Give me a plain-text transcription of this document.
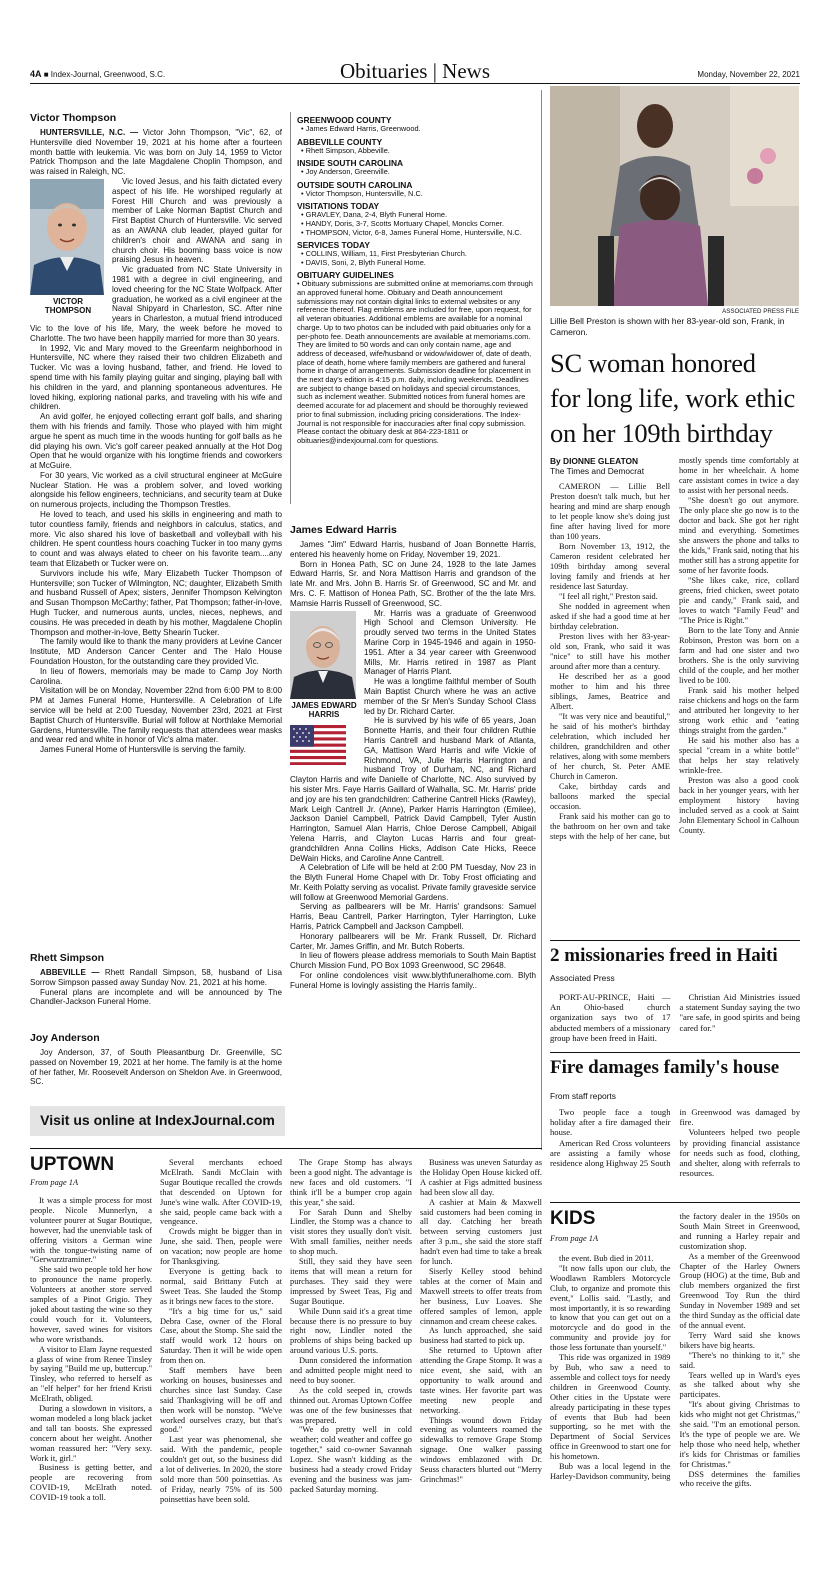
4A ■ Index-Journal, Greenwood, S.C.	Obituaries | News	Monday, November 22, 2021
Victor Thompson

HUNTERSVILLE, N.C. — Victor John Thompson, "Vic", 62, of Huntersville died November 19, 2021 at his home after a fourteen month battle with leukemia. Vic was born on July 14, 1959 to Victor Patrick Thompson and the late Magdalene Choplin Thompson, and was raised in Raleigh, NC.

VICTOR
THOMPSON

Vic loved Jesus, and his faith dictated every aspect of his life. He worshiped regularly at Forest Hill Church and was previously a member of Lake Norman Baptist Church and First Baptist Church of Huntersville. Vic served as an AWANA club leader, played guitar for children's choir and AWANA and sang in church choir. His booming bass voice is now praising Jesus in heaven.

Vic graduated from NC State University in 1981 with a degree in civil engineering, and loved cheering for the NC State Wolfpack. After graduation, he worked as a civil engineer at the Naval Shipyard in Charleston, SC. After nine years in Charleston, a mutual friend introduced Vic to the love of his life, Mary, the week before he moved to Charlotte. The two have been happily married for more than 30 years.

In 1992, Vic and Mary moved to the Greenfarm neighborhood in Huntersville, NC where they raised their two children Elizabeth and Tucker. Vic was a loving husband, father, and friend. He loved to spend time with his family playing guitar and singing, playing ball with his children in the yard, and planning spontaneous adventures. He loved hiking, exploring national parks, and traveling with his wife and children.

An avid golfer, he enjoyed collecting errant golf balls, and sharing them with his friends and family. Those who played with him might argue he spent as much time in the woods hunting for golf balls as he did playing his own. Vic's golf career peaked annually at the Hot Dog Open that he would organize with his longtime friends and coworkers at McGuire.

For 30 years, Vic worked as a civil structural engineer at McGuire Nuclear Station. He was a problem solver, and loved working alongside his fellow engineers, technicians, and security team at Duke on numerous projects, including the Thompson Trestles.

He loved to teach, and used his skills in engineering and math to tutor countless family, friends and neighbors in calculus, statics, and more. Vic also shared his love of basketball and volleyball with his children. He spent countless hours coaching Tucker in too many gyms to count and was always elated to cheer on his favorite team....any team that Elizabeth or Tucker were on.

Survivors include his wife, Mary Elizabeth Tucker Thompson of Huntersville; son Tucker of Wilmington, NC; daughter, Elizabeth Smith and husband Russell of Apex; sisters, Jennifer Thompson Kelvington and Susan Thompson McCarthy; father, Pat Thompson; father-in-love, Hugh Tucker, and numerous aunts, uncles, nieces, nephews, and cousins. He was preceded in death by his mother, Magdalene Choplin Thompson and mother-in-love, Betty Shearin Tucker.

The family would like to thank the many providers at Levine Cancer Institute, MD Anderson Cancer Center and The Halo House Foundation Houston, for the outstanding care they provided Vic.

In lieu of flowers, memorials may be made to Camp Joy North Carolina.

Visitation will be on Monday, November 22nd from 6:00 PM to 8:00 PM at James Funeral Home, Huntersville. A Celebration of Life service will be held at 2:00 Tuesday, November 23rd, 2021 at First Baptist Church of Huntersville. Burial will follow at Northlake Memorial Gardens, Huntersville. The family requests that attendees wear masks and wear red and white in honor of Vic's alma mater.

James Funeral Home of Huntersville is serving the family.

Rhett Simpson

ABBEVILLE — Rhett Randall Simpson, 58, husband of Lisa Sorrow Simpson passed away Sunday Nov. 21, 2021 at his home.

Funeral plans are incomplete and will be announced by The Chandler-Jackson Funeral Home.

Joy Anderson

Joy Anderson, 37, of South Pleasantburg Dr. Greenville, SC passed on November 19, 2021 at her home. The family is at the home of her father, Mr. Roosevelt Anderson on Sheldon Ave. in Greenwood, SC.

Visit us online at IndexJournal.com
GREENWOOD COUNTY
• James Edward Harris, Greenwood.
ABBEVILLE COUNTY
• Rhett Simpson, Abbeville.
INSIDE SOUTH CAROLINA
• Joy Anderson, Greenville.
OUTSIDE SOUTH CAROLINA
• Victor Thompson, Huntersville, N.C.
VISITATIONS TODAY
• GRAVLEY, Dana, 2-4, Blyth Funeral Home.
• HANDY, Doris, 3-7, Scotts Mortuary Chapel, Moncks Corner.
• THOMPSON, Victor, 6-8, James Funeral Home, Huntersville, N.C.
SERVICES TODAY
• COLLINS, William, 11, First Presbyterian Church.
• DAVIS, Soni, 2, Blyth Funeral Home.
OBITUARY GUIDELINES
• Obituary submissions are submitted online at memoriams.com through an approved funeral home. Obituary and Death announcement submissions may not contain digital links to external websites or any reference thereof. Flag emblems are included for free, upon request, for all veteran obituaries. Additional emblems are available for a nominal charge. Up to two photos can be included with paid obituaries only for a per-photo fee. Death announcements are available at memoriams.com. They are limited to 50 words and can only contain name, age and address of deceased, wife/husband or widow/widower of, date of death, place of death, home where family members are gathered and funeral home in charge of arrangements. Submission deadline for placement in the next day's edition is 4:15 p.m. daily, including weekends. Deadlines are subject to change based on holidays and special circumstances, such as inclement weather. Submitted notices from funeral homes are deemed accurate for ad placement and should be thoroughly reviewed prior to final submission, including pricing considerations. The Index-Journal is not responsible for inaccuracies after final copy submission. Please contact the obituary desk at 864-223-1811 or obituaries@indexjournal.com for questions.
James Edward Harris

James "Jim" Edward Harris, husband of Joan Bonnette Harris, entered his heavenly home on Friday, November 19, 2021.

Born in Honea Path, SC on June 24, 1928 to the late James Edward Harris, Sr. and Nora Mattison Harris and grandson of the late Mr. and Mrs. John B. Harris Sr. of Greenwood, SC and Mr. and Mrs. C. F. Mattison of Honea Path, SC. Brother of the the late Mrs. Mamsie Harris Russell of Greenwood, SC.

JAMES EDWARD
HARRIS

Mr. Harris was a graduate of Greenwood High School and Clemson University. He proudly served two terms in the United States Marine Corp in 1945-1946 and again in 1950-1951. After a 34 year career with Greenwood Mills, Mr. Harris retired in 1987 as Plant Manager of Harris Plant.

He was a longtime faithful member of South Main Baptist Church where he was an active member of the Sr Men's Sunday School Class led by Dr. Richard Carter.

He is survived by his wife of 65 years, Joan Bonnette Harris, and their four children Ruthie Harris Cantrell and husband Mark of Atlanta, GA, Mattison Ward Harris and wife Vickie of Richmond, VA, Julie Harris Harrington and husband Troy of Durham, NC, and Richard Clayton Harris and wife Danielle of Charlotte, NC. Also survived by his sister Mrs. Faye Harris Gaillard of Walhalla, SC. Mr. Harris' pride and joy are his ten grandchildren: Catherine Cantrell Hicks (Rawley), Mark Leigh Cantrell Jr. (Anne), Parker Harris Harrington (Emilee), Jackson Daniel Campbell, Patrick David Campbell, Tyler Austin Harrington, Samuel Alan Harris, Chloe Derose Campbell, Abigail Yelena Harris, and Clayton Lucas Harris and four great-grandchildren Anna Collins Hicks, Addison Cate Hicks, Reece DeWain Hicks, and Caroline Anne Cantrell.

A Celebration of Life will be held at 2:00 PM Tuesday, Nov 23 in the Blyth Funeral Home Chapel with Dr. Toby Frost officiating and Mr. Keith Polatty serving as vocalist. Private family graveside service will follow at Greenwood Memorial Gardens.

Serving as pallbearers will be Mr. Harris' grandsons: Samuel Harris, Beau Cantrell, Parker Harrington, Tyler Harrington, Luke Harris, Patrick Campbell and Jackson Campbell.

Honorary pallbearers will be Mr. Frank Russell, Dr. Richard Carter, Mr. James Griffin, and Mr. Butch Roberts.

In lieu of flowers please address memorials to South Main Baptist Church Mission Fund, PO Box 1093 Greenwood, SC 29648.

For online condolences visit www.blythfuneralhome.com. Blyth Funeral Home is lovingly assisting the Harris family..

ASSOCIATED PRESS FILE
Lillie Bell Preston is shown with her 83-year-old son, Frank, in Cameron.
SC woman honored
for long life, work ethic
on her 109th birthday
By DIONNE GLEATON
The Times and Democrat

CAMERON — Lillie Bell Preston doesn't talk much, but her hearing and mind are sharp enough to let people know she's doing just fine after having lived for more than 100 years.

Born November 13, 1912, the Cameron resident celebrated her 109th birthday among several loving family and friends at her residence last Saturday.

"I feel all right," Preston said.

She nodded in agreement when asked if she had a good time at her birthday celebration.

Preston lives with her 83-year-old son, Frank, who said it was "nice" to still have his mother around after more than a century.

He described her as a good mother to him and his three siblings, James, Beatrice and Albert.

"It was very nice and beautiful," he said of his mother's birthday celebration, which included her children, grandchildren and other relatives, along with some members of her church, St. Peter AME Church in Cameron.

Cake, birthday cards and balloons marked the special occasion.

Frank said his mother can go to the bathroom on her own and take steps with the help of her cane, but mostly spends time comfortably at home in her wheelchair. A home care assistant comes in twice a day to assist with her personal needs.

"She doesn't go out anymore. The only place she go now is to the doctor and back. She got her right mind and everything. Sometimes she answers the phone and talks to the kids," Frank said, noting that his mother still has a strong appetite for some of her favorite foods.

"She likes cake, rice, collard greens, fried chicken, sweet potato pie and candy," Frank said, and loves to watch "Family Feud" and "The Price is Right."

Born to the late Tony and Annie Robinson, Preston was born on a farm and had one sister and two brothers. She is the only surviving child of the couple, and her mother lived to be 100.

Frank said his mother helped raise chickens and hogs on the farm and attributed her longevity to her strong work ethic and "eating things straight from the garden."

He said his mother also has a special "cream in a white bottle" that helps her stay relatively wrinkle-free.

Preston was also a good cook back in her younger years, with her employment history having included served as a cook at Saint John Elementary School in Calhoun County.

2 missionaries freed in Haiti
Associated Press

PORT-AU-PRINCE, Haiti — An Ohio-based church organization says two of 17 abducted members of a missionary group have been freed in Haiti.

Christian Aid Ministries issued a statement Sunday saying the two "are safe, in good spirits and being cared for."

Fire damages family's house
From staff reports

Two people face a tough holiday after a fire damaged their house.

American Red Cross volunteers are assisting a family whose residence along Highway 25 South in Greenwood was damaged by fire.

Volunteers helped two people by providing financial assistance for needs such as food, clothing, and shelter, along with referrals to resources.

UPTOWN
From page 1A

It was a simple process for most people. Nicole Munnerlyn, a volunteer pourer at Sugar Boutique, however, had the unenviable task of offering visitors a German wine with the tongue-twisting name of "Gerwurztraminer."

She said two people told her how to pronounce the name properly. Volunteers at another store served samples of a Pinot Grigio. They joked about tasting the wine so they could vouch for it. Volunteers, however, saved wines for visitors who wore wristbands.

A visitor to Elam Jayne requested a glass of wine from Renee Tinsley by saying "Build me up, buttercup." Tinsley, who referred to herself as an "elf helper" for her friend Kristi McElrath, obliged.

During a slowdown in visitors, a woman modeled a long black jacket and tall tan boosts. She expressed concern about her weight. Another woman reassured her: "Very sexy. Work it, girl."

Business is getting better, and people are recovering from COVID-19, McElrath noted. COVID-19 took a toll.

Several merchants echoed McElrath. Sandi McClain with Sugar Boutique recalled the crowds that descended on Uptown for June's wine walk. After COVID-19, she said, people came back with a vengeance.

Crowds might be bigger than in June, she said. Then, people were on vacation; now people are home for Thanksgiving.

Everyone is getting back to normal, said Brittany Futch at Sweet Teas. She lauded the Stomp as it brings new faces to the store.

"It's a big time for us," said Debra Case, owner of the Floral Case, about the Stomp. She said the staff would work 12 hours on Saturday. Then it will be wide open from then on.

Staff members have been working on houses, businesses and churches since last Sunday. Case said Thanksgiving will be off and then work will be nonstop. "We've worked ourselves crazy, but that's good."

Last year was phenomenal, she said. With the pandemic, people couldn't get out, so the business did a lot of deliveries. In 2020, the store sold more than 500 poinsettias. As of Friday, nearly 75% of its 500 poinsettias have been sold.

The Grape Stomp has always been a good night. The advantage is new faces and old customers. "I think it'll be a bumper crop again this year," she said.

For Sarah Dunn and Shelby Lindler, the Stomp was a chance to visit stores they usually don't visit. With small families, neither needs to shop much.

Still, they said they have seen items that will mean a return for purchases. They said they were impressed by Sweet Teas, Fig and Sugar Boutique.

While Dunn said it's a great time because there is no pressure to buy right now, Lindler noted the problems of ships being backed up around various U.S. ports.

Dunn considered the information and admitted people might need to need to buy sooner.

As the cold seeped in, crowds thinned out. Aromas Uptown Coffee was one of the few businesses that was prepared.

"We do pretty well in cold weather; cold weather and coffee go together," said co-owner Savannah Lopez. She wasn't kidding as the business had a steady crowd Friday evening and the business was jam-packed Saturday morning.

Business was uneven Saturday as the Holiday Open House kicked off. A cashier at Figs admitted business had been slow all day.

A cashier at Main & Maxwell said customers had been coming in all day. Catching her breath between serving customers just after 3 p.m., she said the store staff hadn't even had time to take a break for lunch.

Siserly Kelley stood behind tables at the corner of Main and Maxwell streets to offer treats from her business, Luv Loaves. She offered samples of lemon, apple cinnamon and cream cheese cakes.

As lunch approached, she said business had started to pick up.

She returned to Uptown after attending the Grape Stomp. It was a nice event, she said, with an opportunity to walk around and taste wines. Her favorite part was meeting new people and networking.

Things wound down Friday evening as volunteers roamed the sidewalks to remove Grape Stomp signage. One walker passing windows emblazoned with Dr. Seuss characters blurted out "Merry Grinchmas!"

KIDS
From page 1A

the event. Bub died in 2011.

"It now falls upon our club, the Woodlawn Ramblers Motorcycle Club, to organize and promote this event," Lollis said. "Lastly, and most importantly, it is so rewarding to know that you can get out on a motorcycle and do good in the community and provide joy for those less fortunate than yourself."

This ride was organized in 1989 by Bub, who saw a need to assemble and collect toys for needy children in Greenwood County. Other cities in the Upstate were already participating in these types of events that Bub had been supporting, so he met with the Department of Social Services office in Greenwood to start one for his hometown.

Bub was a local legend in the Harley-Davidson community, being the factory dealer in the 1950s on South Main Street in Greenwood, and running a Harley repair and customization shop.

As a member of the Greenwood Chapter of the Harley Owners Group (HOG) at the time, Bub and club members organized the first Greenwood Toy Run the third Sunday in November 1989 and set the third Sunday as the official date of the annual event.

Terry Ward said she knows bikers have big hearts.

"There's no thinking to it," she said.

Tears welled up in Ward's eyes as she talked about why she participates.

"It's about giving Christmas to kids who might not get Christmas," she said. "I'm an emotional person. It's the type of people we are. We help those who need help, whether it's kids for Christmas or families for Christmas."

DSS determines the families who receive the gifts.
